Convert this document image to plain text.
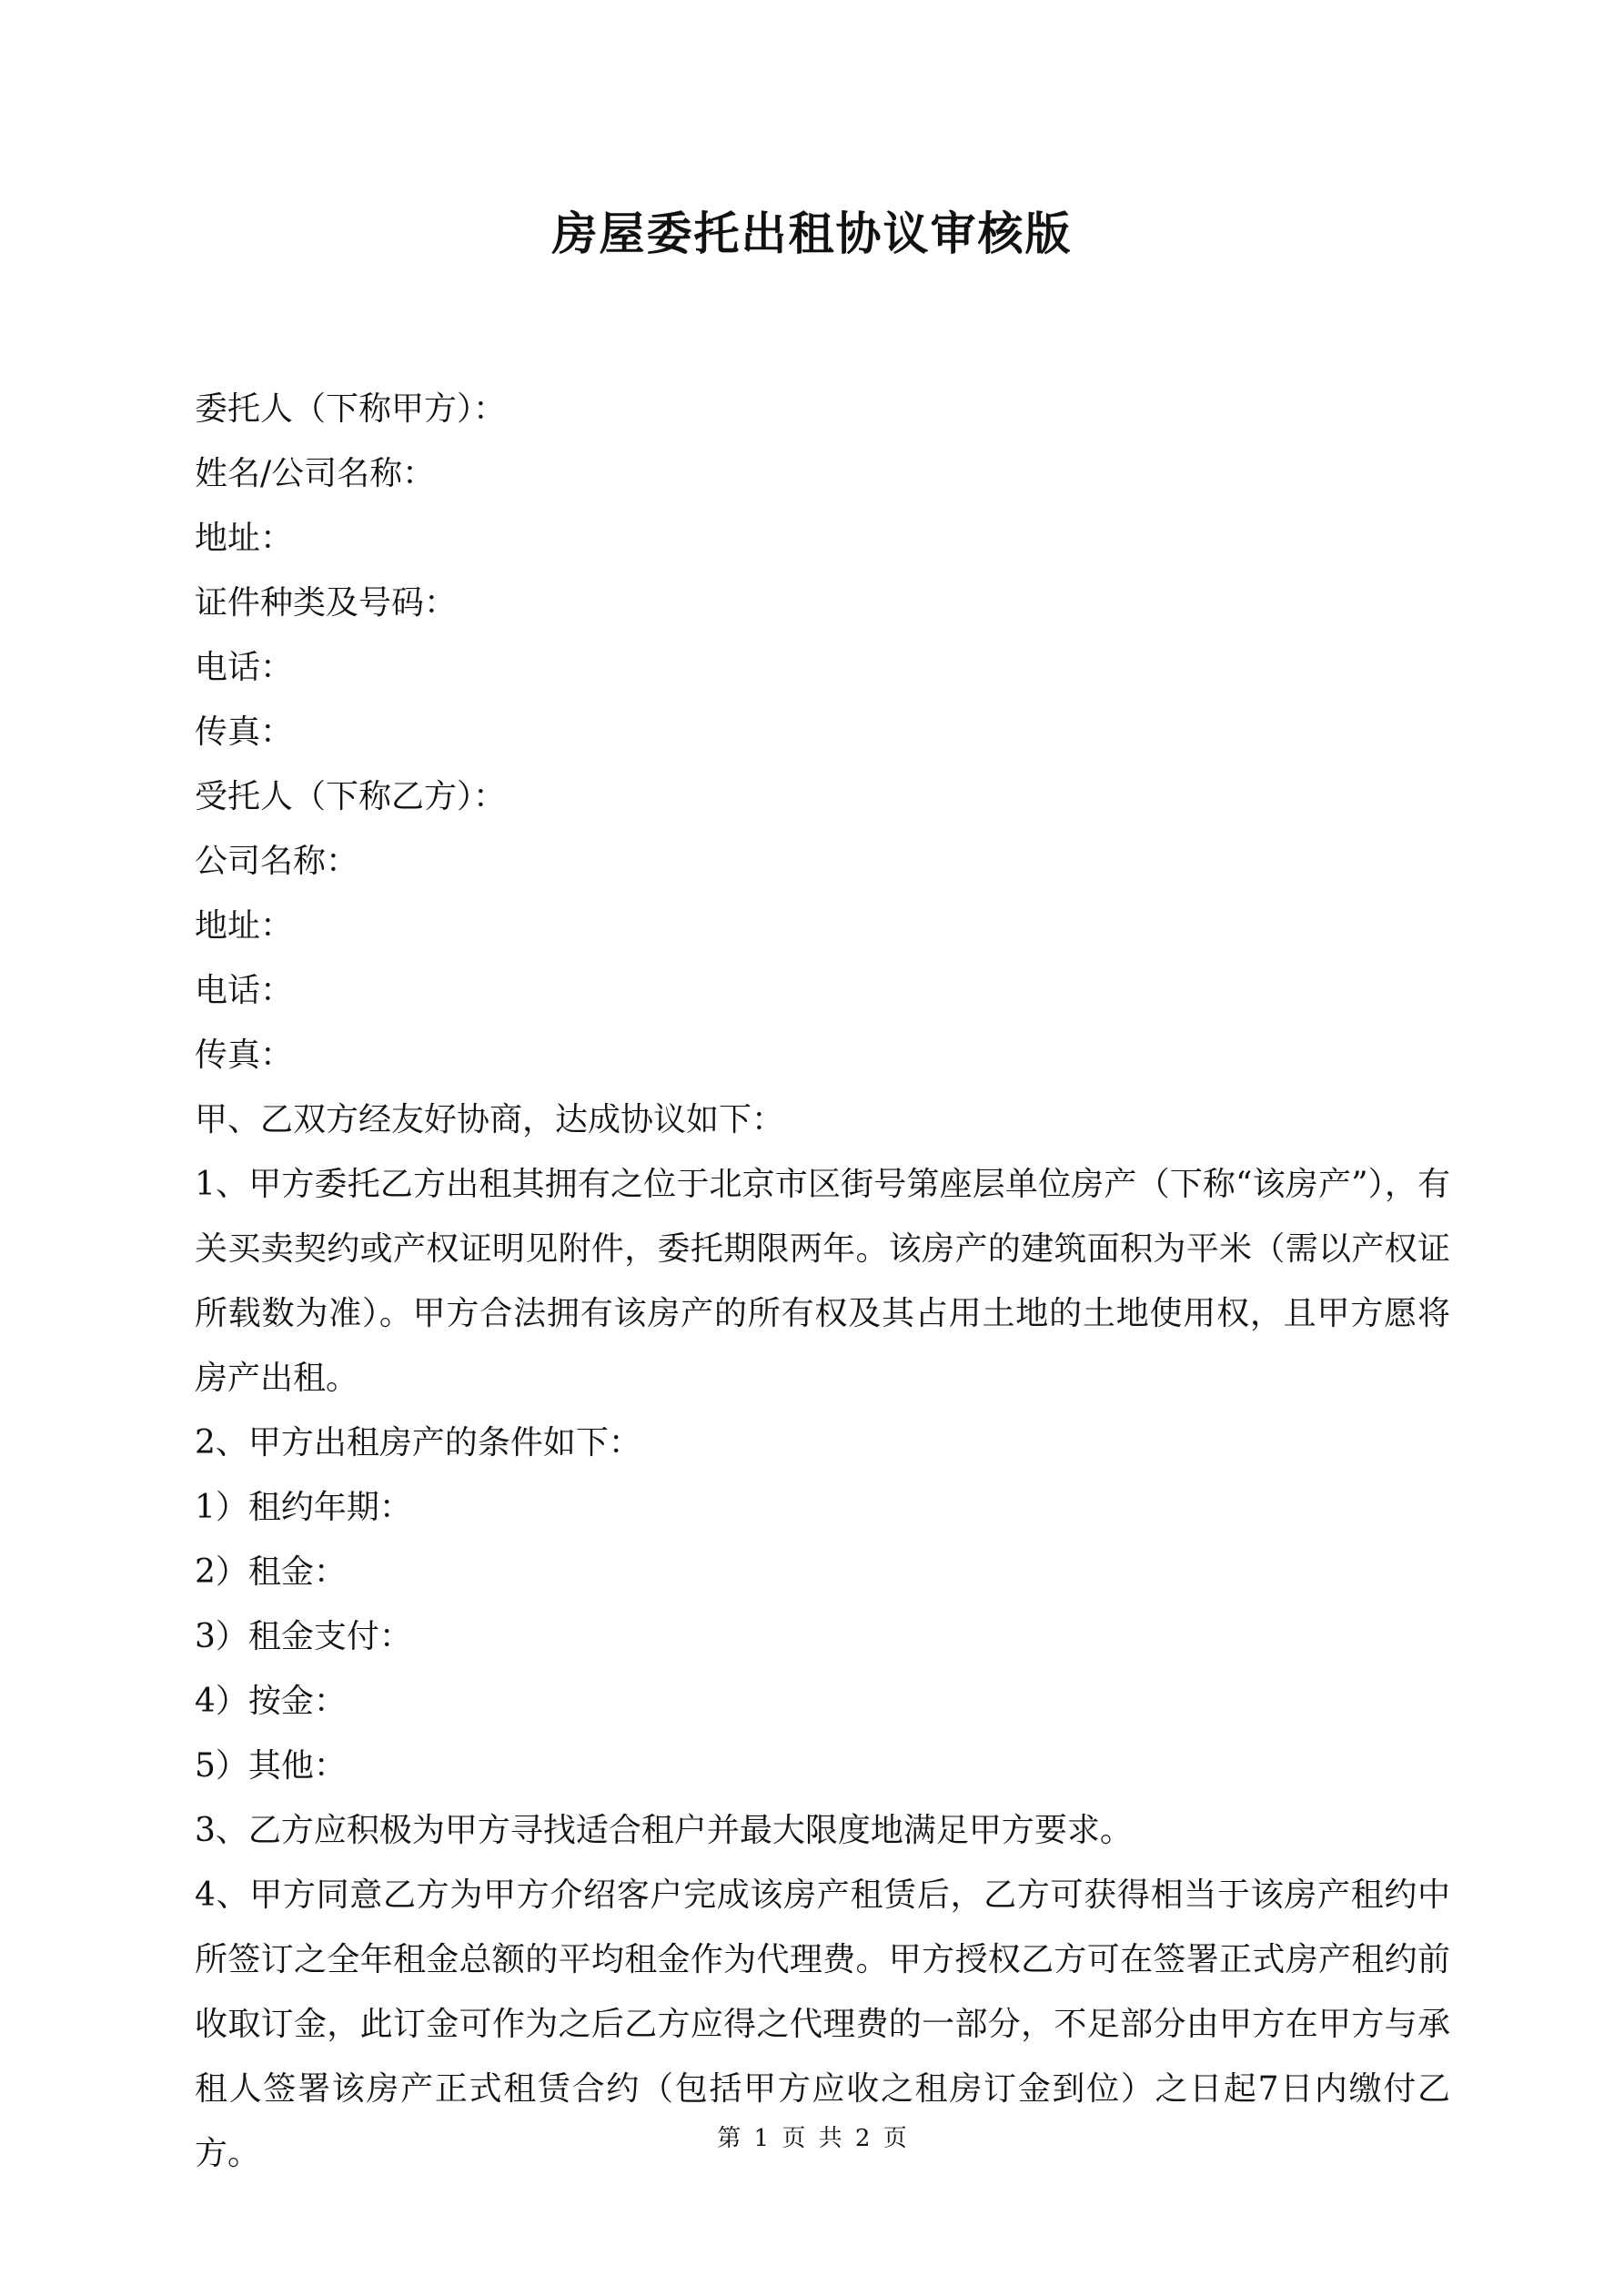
房屋委托出租协议审核版
委托人（下称甲方）：
姓名/公司名称：
地址：
证件种类及号码：
电话：
传真：
受托人（下称乙方）：
公司名称：
地址：
电话：
传真：
甲、乙双方经友好协商，达成协议如下：
1、甲方委托乙方出租其拥有之位于北京市区街号第座层单位房产（下称“该房产”），有关买卖契约或产权证明见附件，委托期限两年。该房产的建筑面积为平米（需以产权证所载数为准）。甲方合法拥有该房产的所有权及其占用土地的土地使用权，且甲方愿将房产出租。
2、甲方出租房产的条件如下：
1）租约年期：
2）租金：
3）租金支付：
4）按金：
5）其他：
3、乙方应积极为甲方寻找适合租户并最大限度地满足甲方要求。
4、甲方同意乙方为甲方介绍客户完成该房产租赁后，乙方可获得相当于该房产租约中所签订之全年租金总额的平均租金作为代理费。甲方授权乙方可在签署正式房产租约前收取订金，此订金可作为之后乙方应得之代理费的一部分，不足部分由甲方在甲方与承租人签署该房产正式租赁合约（包括甲方应收之租房订金到位）之日起7日内缴付乙方。	第 1 页 共 2 页
